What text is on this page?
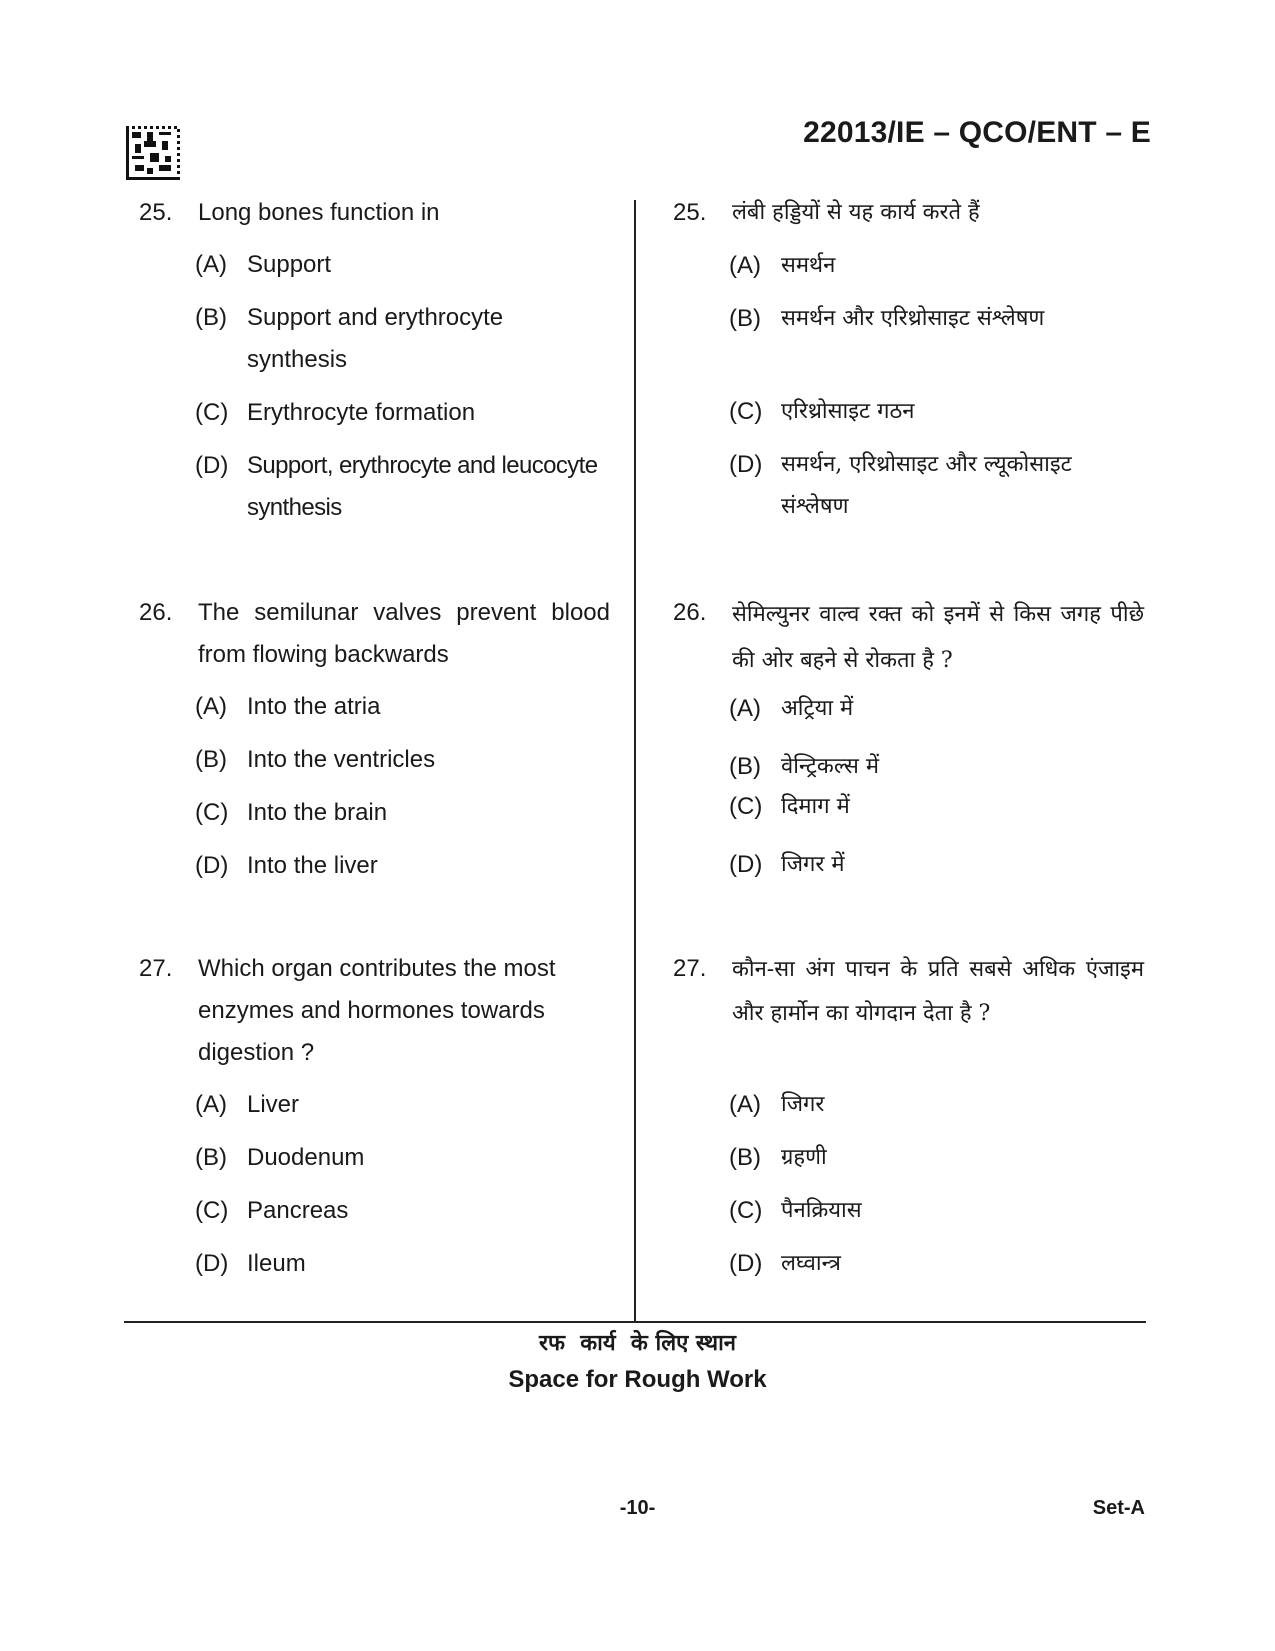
22013/IE – QCO/ENT – E
25. Long bones function in
(A) Support
(B) Support and erythrocyte synthesis
(C) Erythrocyte formation
(D) Support, erythrocyte and leucocyte synthesis
26. The semilunar valves prevent blood from flowing backwards
(A) Into the atria
(B) Into the ventricles
(C) Into the brain
(D) Into the liver
27. Which organ contributes the most enzymes and hormones towards digestion ?
(A) Liver
(B) Duodenum
(C) Pancreas
(D) Ileum
25. लंबी हड्डियों से यह कार्य करते हैं
(A) समर्थन
(B) समर्थन और एरिथ्रोसाइट संश्लेषण
(C) एरिथ्रोसाइट गठन
(D) समर्थन, एरिथ्रोसाइट और ल्यूकोसाइट संश्लेषण
26. सेमिल्युनर वाल्व रक्त को इनमें से किस जगह पीछे की ओर बहने से रोकता है ?
(A) अट्रिया में
(B) वेन्ट्रिकल्स में
(C) दिमाग में
(D) जिगर में
27. कौन-सा अंग पाचन के प्रति सबसे अधिक एंजाइम और हार्मोन का योगदान देता है ?
(A) जिगर
(B) ग्रहणी
(C) पैनक्रियास
(D) लघ्वान्त्र
रफ  कार्य  के लिए स्थान
Space for Rough Work
-10-	Set-A
